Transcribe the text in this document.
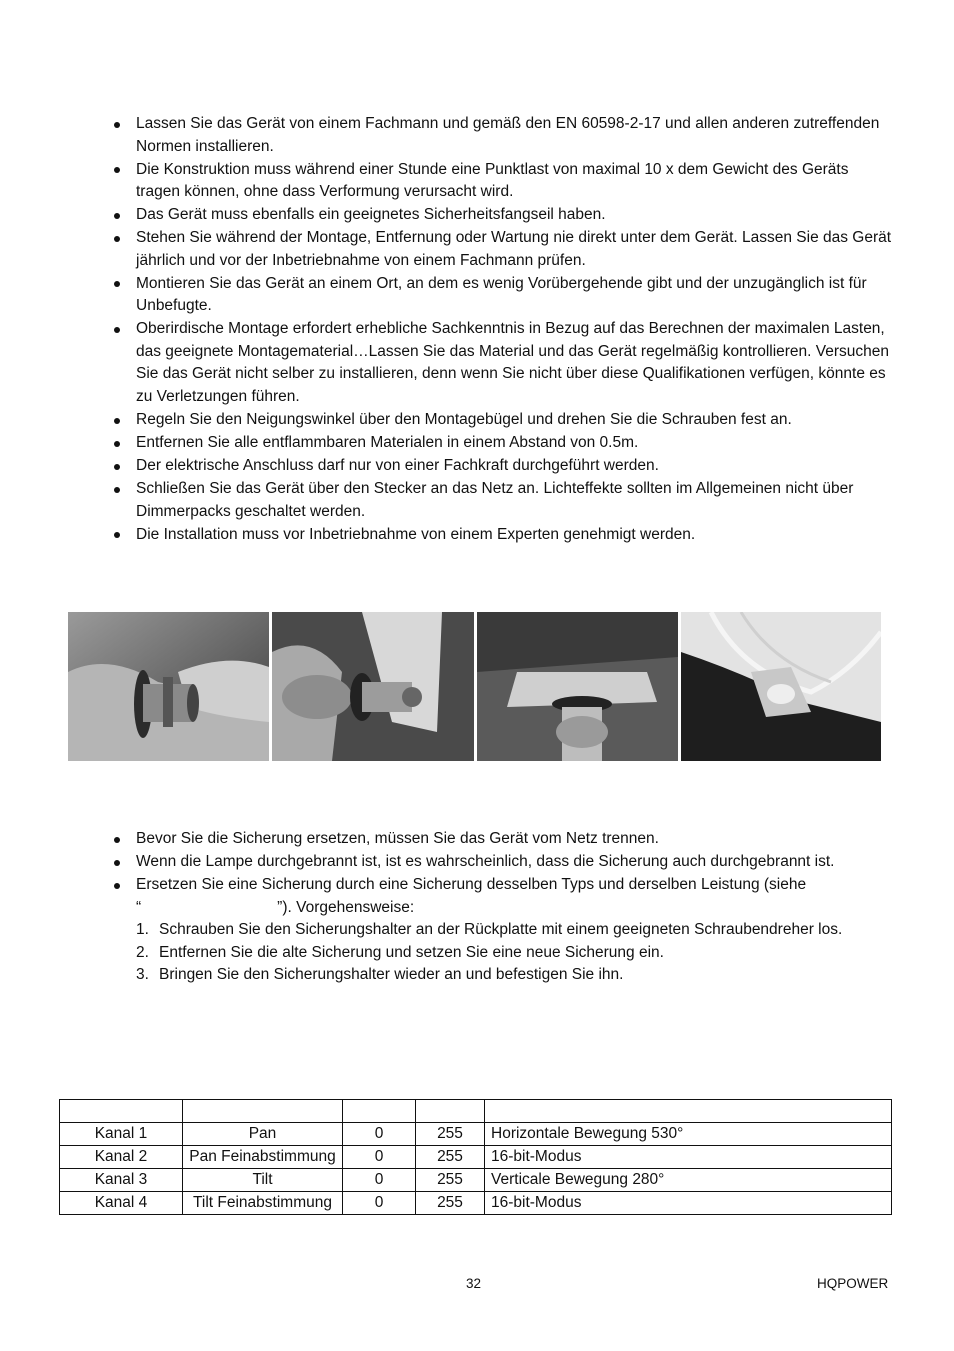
Lassen Sie das Gerät von einem Fachmann und gemäß den EN 60598-2-17 und allen anderen zutreffenden Normen installieren.
Die Konstruktion muss während einer Stunde eine Punktlast von maximal 10 x dem Gewicht des Geräts tragen können, ohne dass Verformung verursacht wird.
Das Gerät muss ebenfalls ein geeignetes Sicherheitsfangseil haben.
Stehen Sie während der Montage, Entfernung oder Wartung nie direkt unter dem Gerät. Lassen Sie das Gerät jährlich und vor der Inbetriebnahme von einem Fachmann prüfen.
Montieren Sie das Gerät an einem Ort, an dem es wenig Vorübergehende gibt und der unzugänglich ist für Unbefugte.
Oberirdische Montage erfordert erhebliche Sachkenntnis in Bezug auf das Berechnen der maximalen Lasten, das geeignete Montagematerial…Lassen Sie das Material und das Gerät regelmäßig kontrollieren. Versuchen Sie das Gerät nicht selber zu installieren, denn wenn Sie nicht über diese Qualifikationen verfügen, könnte es zu Verletzungen führen.
Regeln Sie den Neigungswinkel über den Montagebügel und drehen Sie die Schrauben fest an.
Entfernen Sie alle entflammbaren Materialen in einem Abstand von 0.5m.
Der elektrische Anschluss darf nur von einer Fachkraft durchgeführt werden.
Schließen Sie das Gerät über den Stecker an das Netz an. Lichteffekte sollten im Allgemeinen nicht über Dimmerpacks geschaltet werden.
Die Installation muss vor Inbetriebnahme von einem Experten genehmigt werden.
Bevor Sie die Sicherung ersetzen, müssen Sie das Gerät vom Netz trennen.
Wenn die Lampe durchgebrannt ist, ist es wahrscheinlich, dass die Sicherung auch durchgebrannt ist.
Ersetzen Sie eine Sicherung durch eine Sicherung desselben Typs und derselben Leistung (siehe
“	”). Vorgehensweise:
1. Schrauben Sie den Sicherungshalter an der Rückplatte mit einem geeigneten Schraubendreher los.
2. Entfernen Sie die alte Sicherung und setzen Sie eine neue Sicherung ein.
3. Bringen Sie den Sicherungshalter wieder an und befestigen Sie ihn.

Kanal 1	Pan	0	255	Horizontale Bewegung 530°
Kanal 2	Pan Feinabstimmung	0	255	16-bit-Modus
Kanal 3	Tilt	0	255	Verticale Bewegung 280°
Kanal 4	Tilt Feinabstimmung	0	255	16-bit-Modus
32	HQPOWER
